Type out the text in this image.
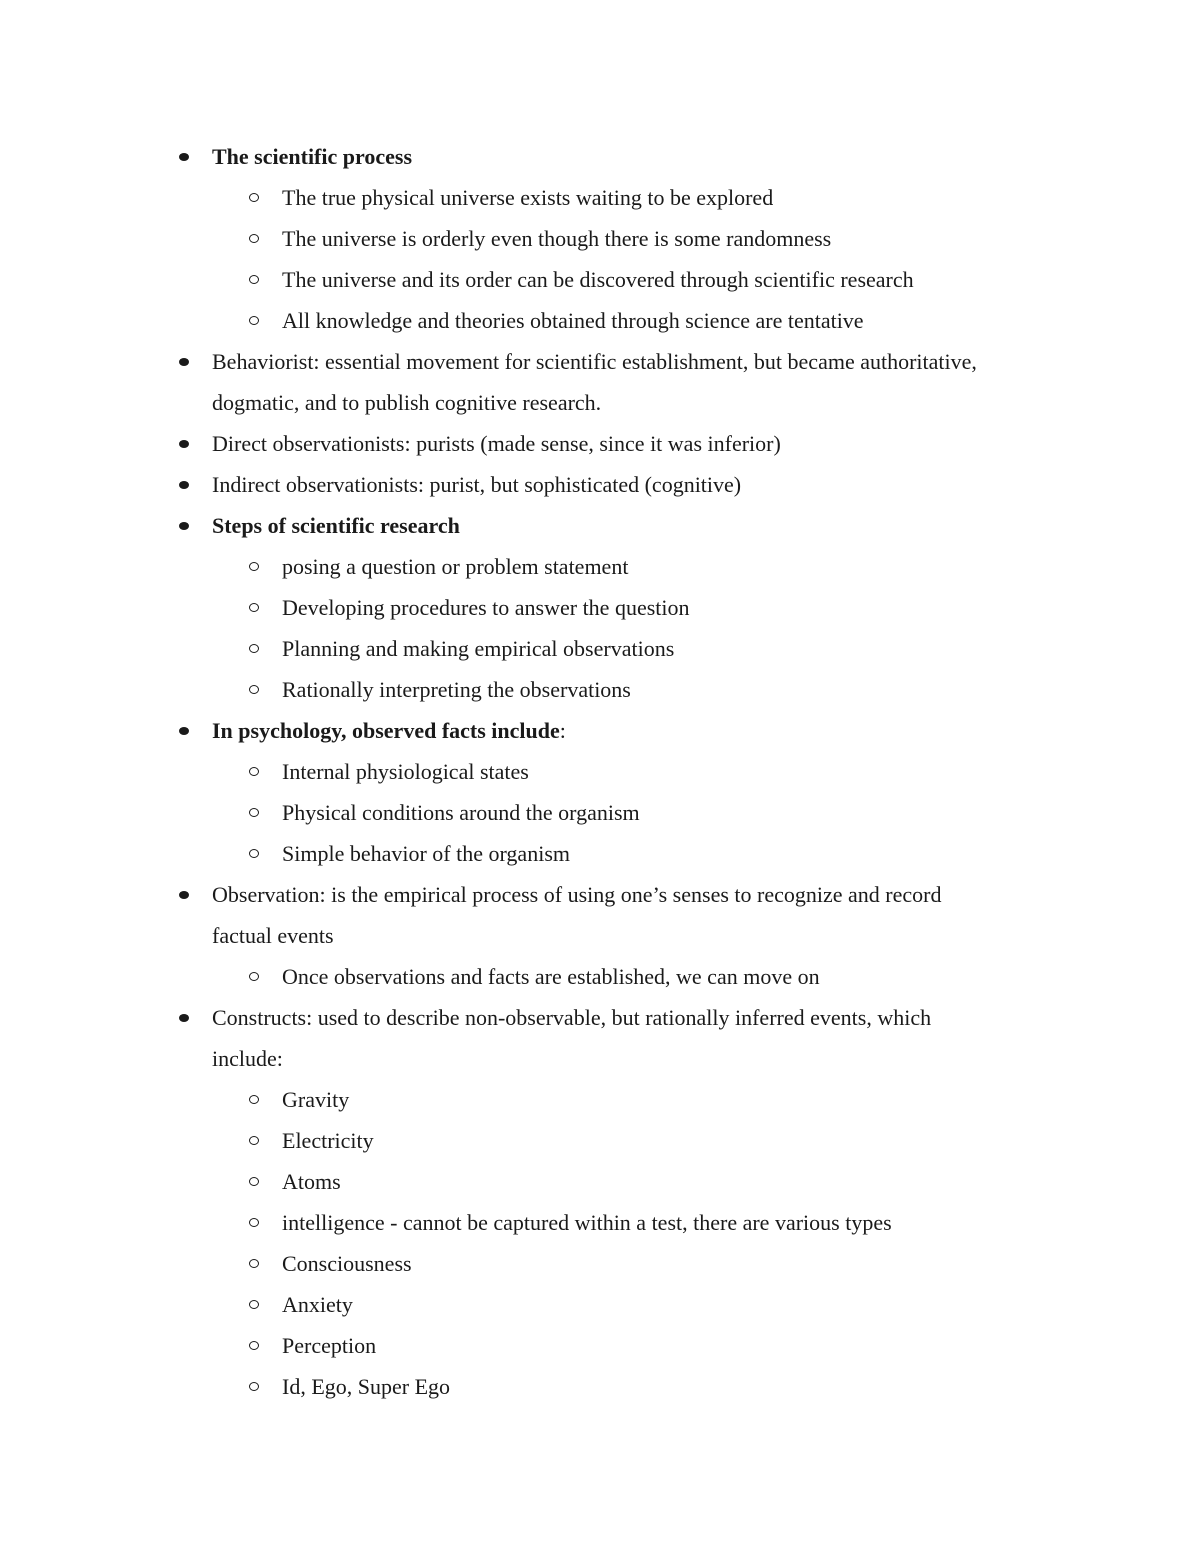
The scientific process
The true physical universe exists waiting to be explored
The universe is orderly even though there is some randomness
The universe and its order can be discovered through scientific research
All knowledge and theories obtained through science are tentative
Behaviorist: essential movement for scientific establishment, but became authoritative,
dogmatic, and to publish cognitive research.
Direct observationists: purists (made sense, since it was inferior)
Indirect observationists: purist, but sophisticated (cognitive)
Steps of scientific research
posing a question or problem statement
Developing procedures to answer the question
Planning and making empirical observations
Rationally interpreting the observations
In psychology, observed facts include:
Internal physiological states
Physical conditions around the organism
Simple behavior of the organism
Observation: is the empirical process of using one’s senses to recognize and record
factual events
Once observations and facts are established, we can move on
Constructs: used to describe non-observable, but rationally inferred events, which
include:
Gravity
Electricity
Atoms
intelligence - cannot be captured within a test, there are various types
Consciousness
Anxiety
Perception
Id, Ego, Super Ego
